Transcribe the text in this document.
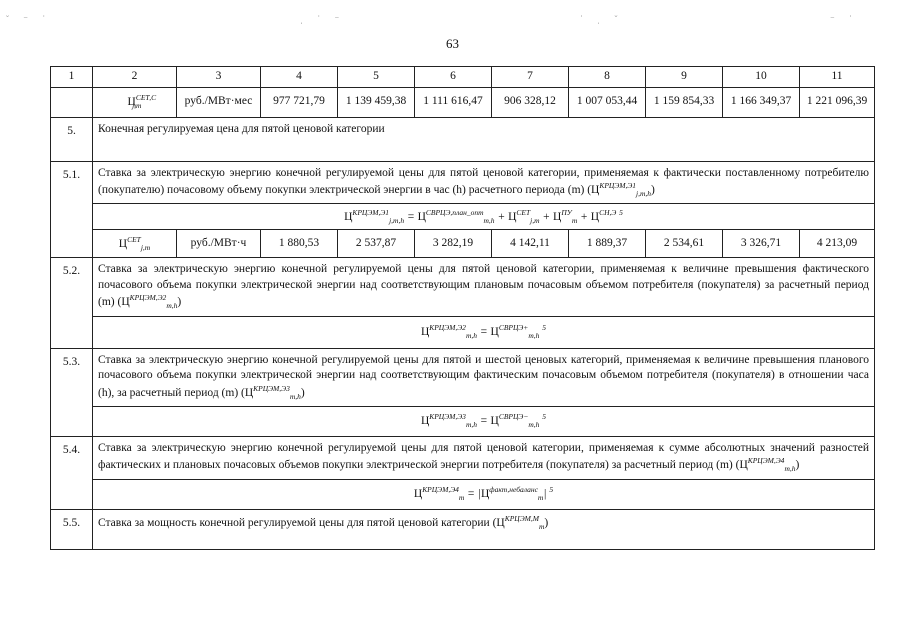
˘ ⁻ ˙	ˌ ˙ ⁻	˙ ˌ ˘	⁻ ˙
63
1	2	3	4	5	6	7	8	9	10	11
	$Ц^{СЕТ,С}_{j,m}$	руб./МВт·мес	977 721,79	1 139 459,38	1 111 616,47	906 328,12	1 007 053,44	1 159 854,33	1 166 349,37	1 221 096,39
5.	Конечная регулируемая цена для пятой ценовой категории									
5.1.	Ставка за электрическую энергию конечной регулируемой цены для пятой ценовой категории, применяемая к фактически поставленному потребителю (покупателю) почасовому объему покупки электрической энергии в час (h) расчетного периода (m) $(Ц^{КРЦЭМ,Э1}_{j,m,h})$									
	$Ц^{КРЦЭМ,Э1}_{j,m,h} = Ц^{СВРЦЭ,план\_опт}_{m,h} + Ц^{СЕТ}_{j,m} + Ц^{ПУ}_m + Ц^{СН,Э}$ $^5$
	$Ц^{СЕТ}_{j,m}$	руб./МВт·ч	1 880,53	2 537,87	3 282,19	4 142,11	1 889,37	2 534,61	3 326,71	4 213,09
5.2.	Ставка за электрическую энергию конечной регулируемой цены для пятой ценовой категории, применяемая к величине превышения фактического почасового объема покупки электрической энергии над соответствующим плановым почасовым объемом потребителя (покупателя) за расчетный период (m) $(Ц^{КРЦЭМ,Э2}_{m,h})$									
	$Ц^{КРЦЭМ,Э2}_{m,h} = Ц^{СВРЦЭ+}_{m,h}$ $^5$
5.3.	Ставка за электрическую энергию конечной регулируемой цены для пятой и шестой ценовых категорий, применяемая к величине превышения планового почасового объема покупки электрической энергии над соответствующим фактическим почасовым объемом потребителя (покупателя) в отношении часа (h), за расчетный период (m) $(Ц^{КРЦЭМ,Э3}_{m,h})$									
	$Ц^{КРЦЭМ,Э3}_{m,h} = Ц^{СВРЦЭ-}_{m,h}$ $^5$
5.4.	Ставка за электрическую энергию конечной регулируемой цены для пятой ценовой категории, применяемая к сумме абсолютных значений разностей фактических и плановых почасовых объемов покупки электрической энергии потребителя (покупателя) за расчетный период (m) $(Ц^{КРЦЭМ,Э4}_{m,h})$									
	$Ц^{КРЦЭМ,Э4}_m = |Ц^{факт,небаланс}_m|$ $^5$
5.5.	Ставка за мощность конечной регулируемой цены для пятой ценовой категории $(Ц^{КРЦЭМ,М}_m)$									
